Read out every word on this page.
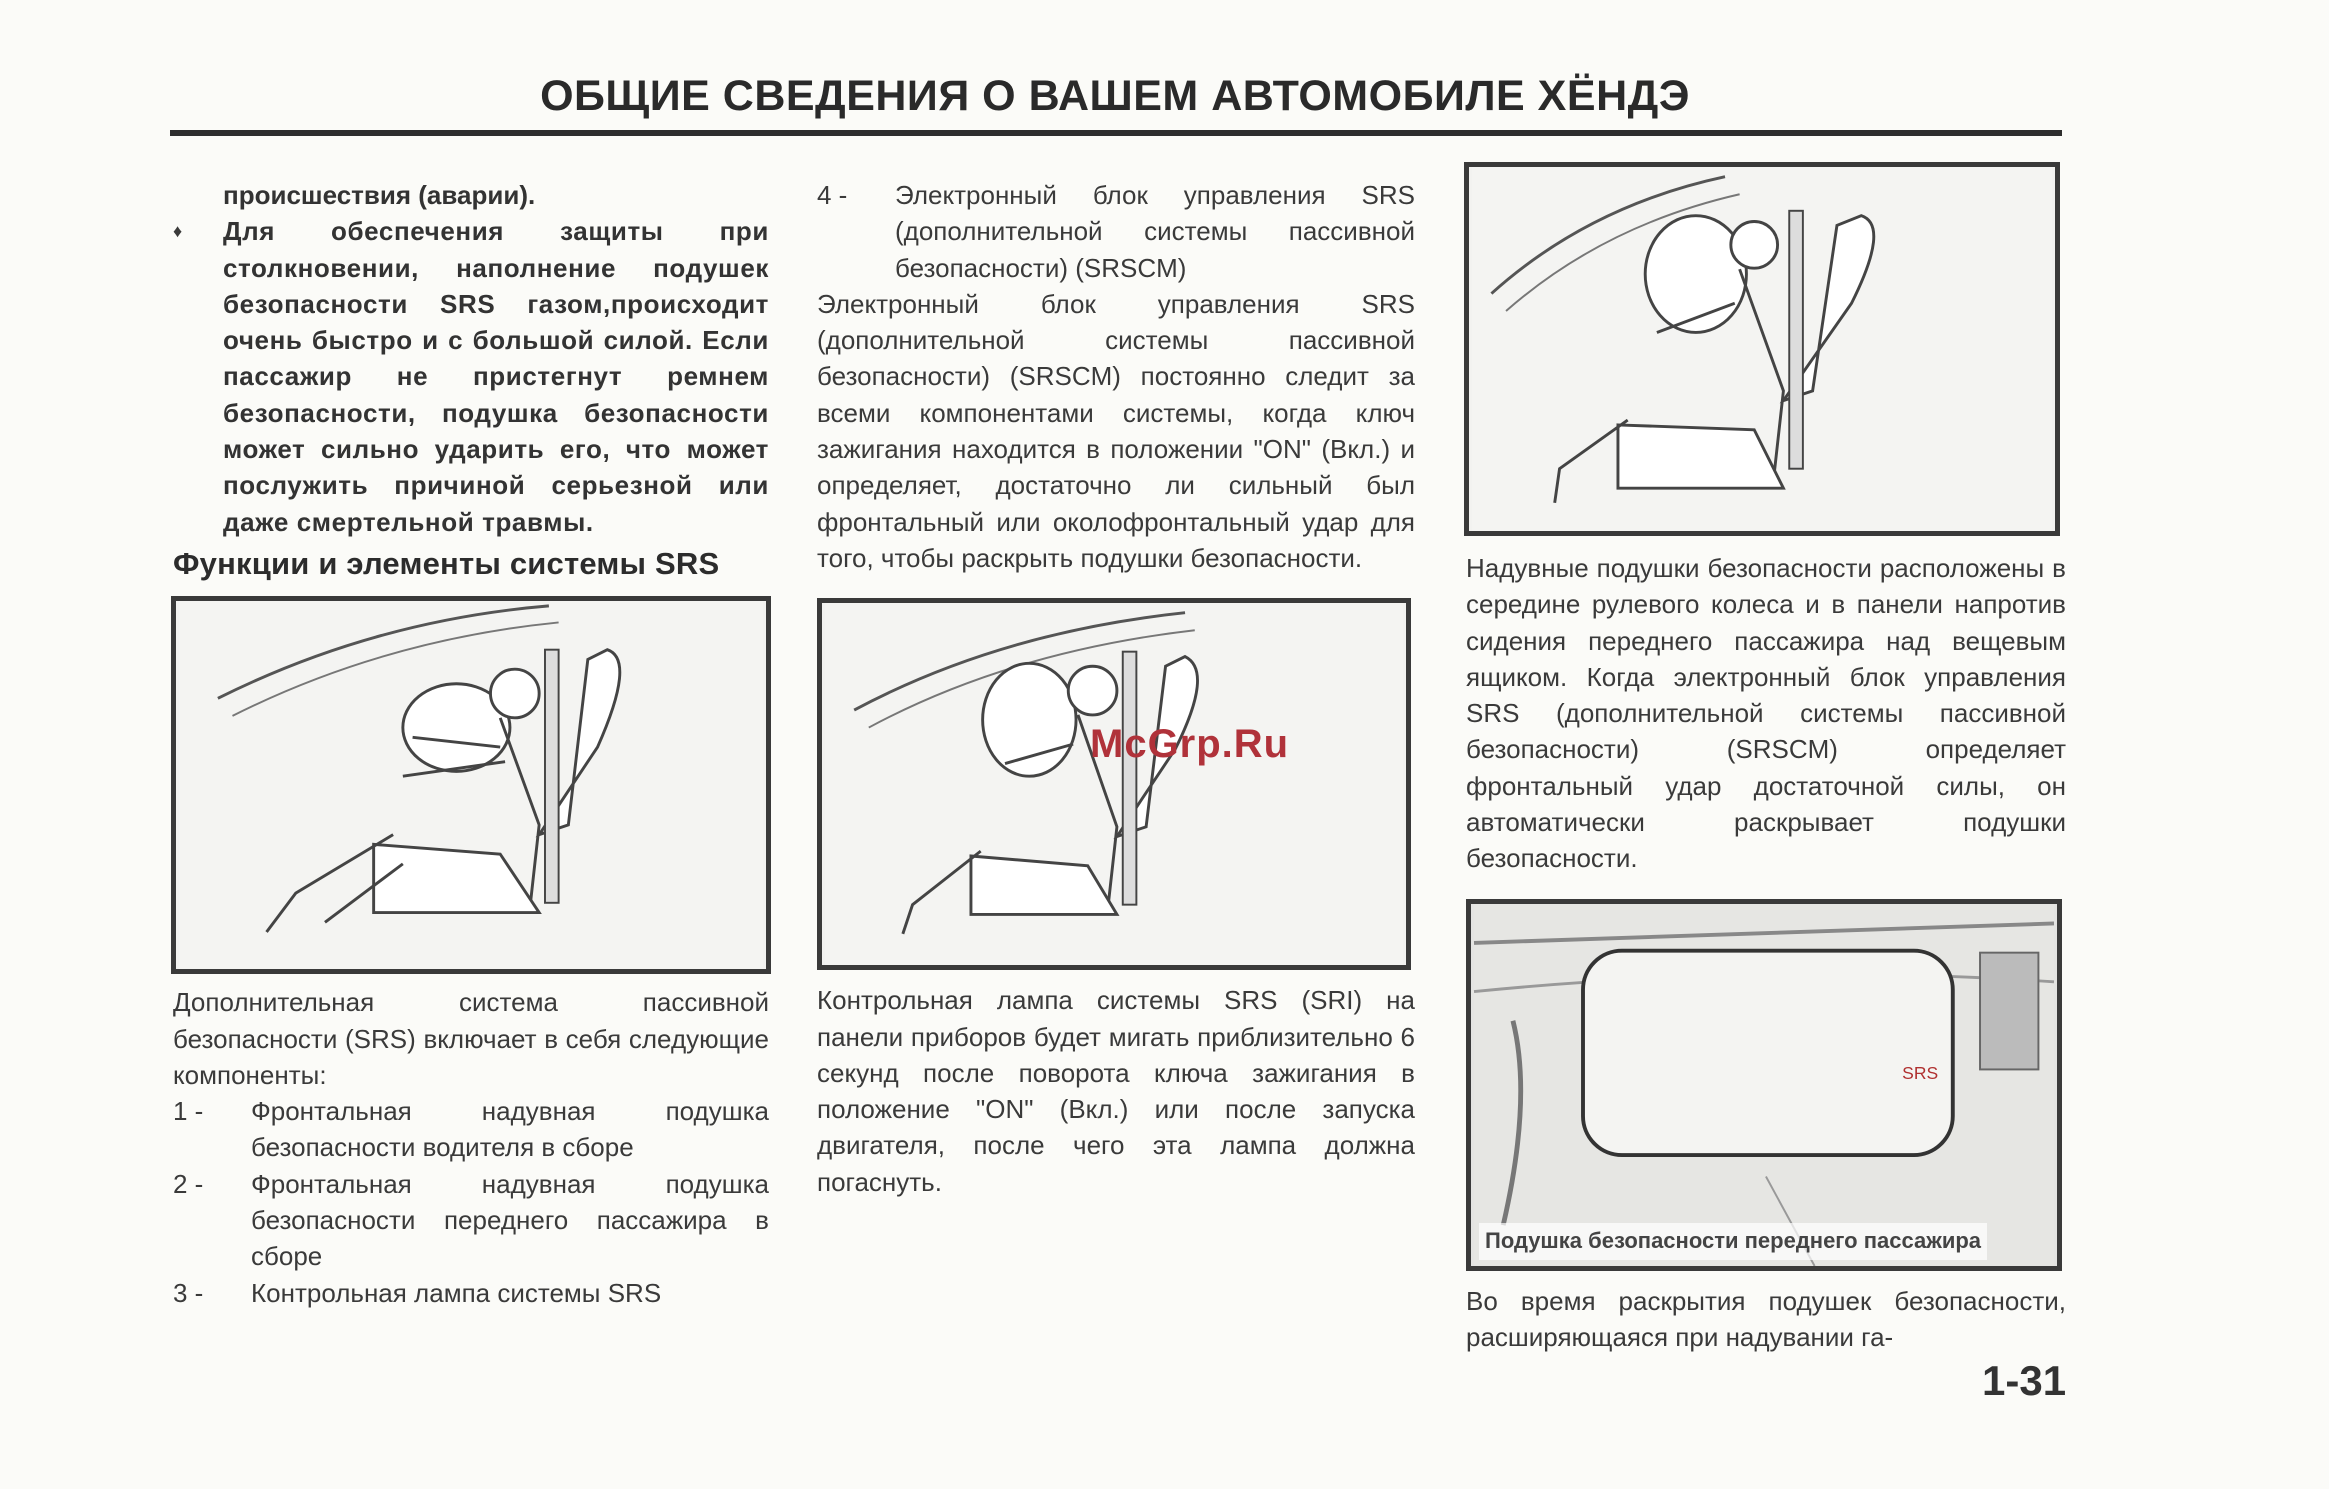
ОБЩИЕ СВЕДЕНИЯ О ВАШЕМ АВТОМОБИЛЕ ХЁНДЭ

происшествия (аварии).

♦ Для обеспечения защиты при столкновении, наполнение подушек безопасности SRS газом,происходит очень быстро и с большой силой. Если пассажир не пристегнут ремнем безопасности, подушка безопасности может сильно ударить его, что может послужить причиной серьезной или даже смертельной травмы.

Функции и элементы системы SRS

Дополнительная система пассивной безопасности (SRS) включает в себя следующие компоненты:

1 -	Фронтальная надувная подушка безопасности водителя в сборе

2 -	Фронтальная надувная подушка безопасности переднего пассажира в сборе

3 -	Контрольная лампа системы SRS

4 -	Электронный блок управления SRS (дополнительной системы пассивной безопасности) (SRSCM)

Электронный блок управления SRS (дополнительной системы пассивной безопасности) (SRSCM) постоянно следит за всеми компонентами системы, когда ключ зажигания находится в положении "ON" (Вкл.) и определяет, достаточно ли сильный был фронтальный или околофронтальный удар для того, чтобы раскрыть подушки безопасности.

Контрольная лампа системы SRS (SRI) на панели приборов будет мигать приблизительно 6 секунд после поворота ключа зажигания в положение "ON" (Вкл.) или после запуска двигателя, после чего эта лампа должна погаснуть.

Надувные подушки безопасности расположены в середине рулевого колеса и в панели напротив сидения переднего пассажира над вещевым ящиком. Когда электронный блок управления SRS (дополнительной системы пассивной безопасности) (SRSCM) определяет фронтальный удар достаточной силы, он автоматически раскрывает подушки безопасности.

SRS
Подушка безопасности переднего пассажира

Во время раскрытия подушек безопасности, расширяющаяся при надувании га-

McGrp.Ru
1-31
